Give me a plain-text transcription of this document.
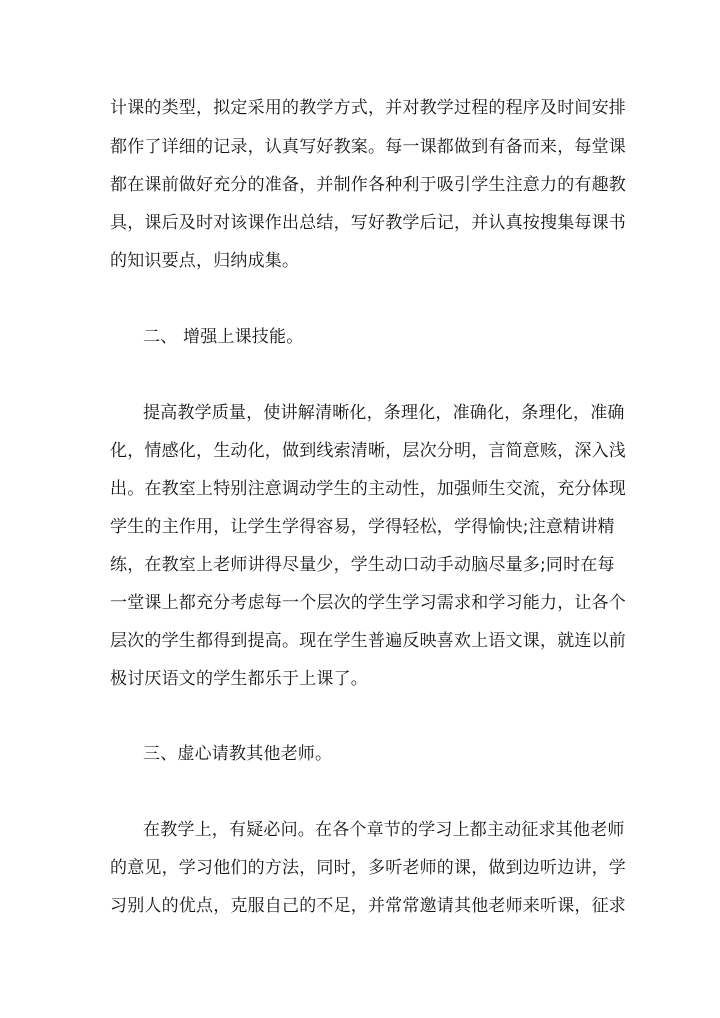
计课的类型，拟定采用的教学方式，并对教学过程的程序及时间安排
都作了详细的记录，认真写好教案。每一课都做到有备而来，每堂课
都在课前做好充分的准备，并制作各种利于吸引学生注意力的有趣教
具，课后及时对该课作出总结，写好教学后记，并认真按搜集每课书
的知识要点，归纳成集。
二、 增强上课技能。
提高教学质量，使讲解清晰化，条理化，准确化，条理化，准确
化，情感化，生动化，做到线索清晰，层次分明，言简意赅，深入浅
出。在教室上特别注意调动学生的主动性，加强师生交流，充分体现
学生的主作用，让学生学得容易，学得轻松，学得愉快;注意精讲精
练，在教室上老师讲得尽量少，学生动口动手动脑尽量多;同时在每
一堂课上都充分考虑每一个层次的学生学习需求和学习能力，让各个
层次的学生都得到提高。现在学生普遍反映喜欢上语文课，就连以前
极讨厌语文的学生都乐于上课了。
三、虚心请教其他老师。
在教学上，有疑必问。在各个章节的学习上都主动征求其他老师
的意见，学习他们的方法，同时，多听老师的课，做到边听边讲，学
习别人的优点，克服自己的不足，并常常邀请其他老师来听课，征求
